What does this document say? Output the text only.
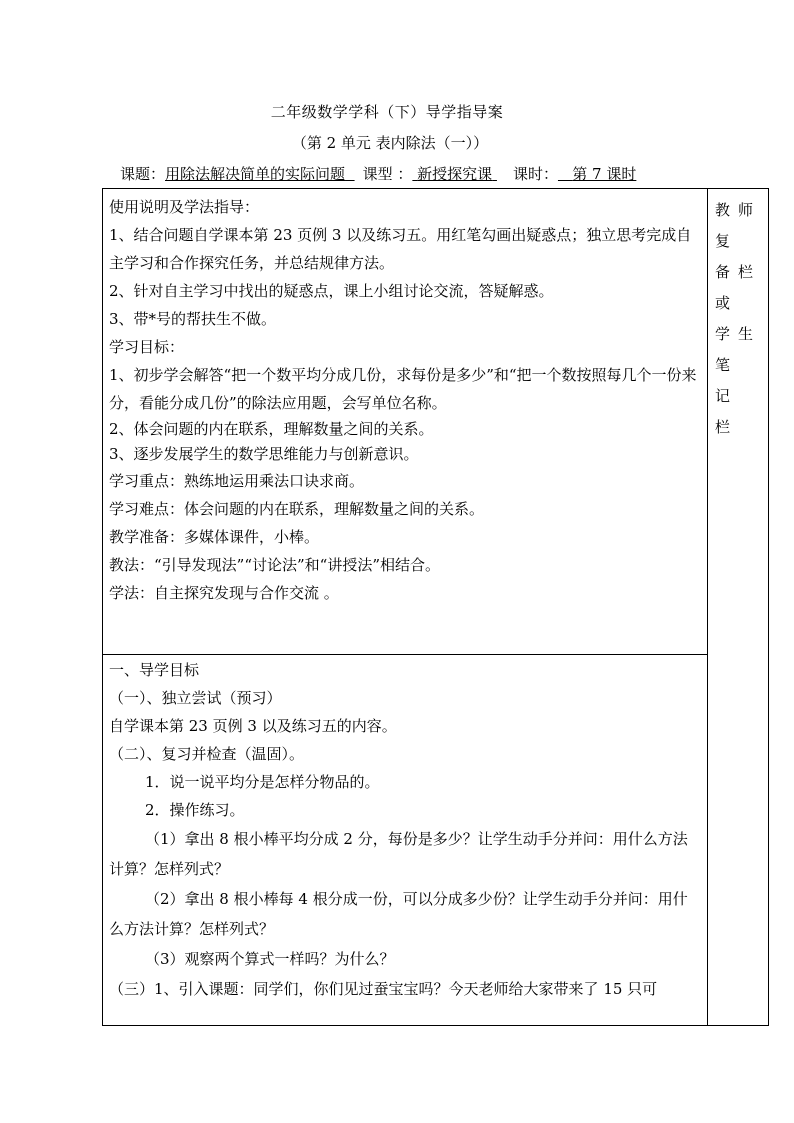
二年级数学学科（下）导学指导案
（第 2 单元 表内除法（一））
课题：用除法解决简单的实际问题 课型 ： 新授探究课 课时： 第 7 课时
教师复
备栏或
学生笔
记 栏

使用说明及学法指导：

1、结合问题自学课本第 23 页例 3 以及练习五。用红笔勾画出疑惑点；独立思考完成自主学习和合作探究任务，并总结规律方法。

2、针对自主学习中找出的疑惑点，课上小组讨论交流，答疑解惑。

3、带*号的帮扶生不做。

学习目标：

1、初步学会解答“把一个数平均分成几份，求每份是多少”和“把一个数按照每几个一份来分，看能分成几份”的除法应用题，会写单位名称。

2、体会问题的内在联系，理解数量之间的关系。

3、逐步发展学生的数学思维能力与创新意识。

学习重点：熟练地运用乘法口诀求商。

学习难点：体会问题的内在联系，理解数量之间的关系。

教学准备：多媒体课件，小棒。

教法：“引导发现法”“讨论法”和“讲授法”相结合。

学法：自主探究发现与合作交流 。

一、导学目标

（一）、独立尝试（预习）

自学课本第 23 页例 3 以及练习五的内容。

（二）、复习并检查（温固）。

1．说一说平均分是怎样分物品的。

2．操作练习。

（1）拿出 8 根小棒平均分成 2 分，每份是多少？让学生动手分并问：用什么方法计算？怎样列式？

（2）拿出 8 根小棒每 4 根分成一份，可以分成多少份？让学生动手分并问：用什么方法计算？怎样列式？

（3）观察两个算式一样吗？为什么？

（三）1、引入课题：同学们，你们见过蚕宝宝吗？今天老师给大家带来了 15 只可
